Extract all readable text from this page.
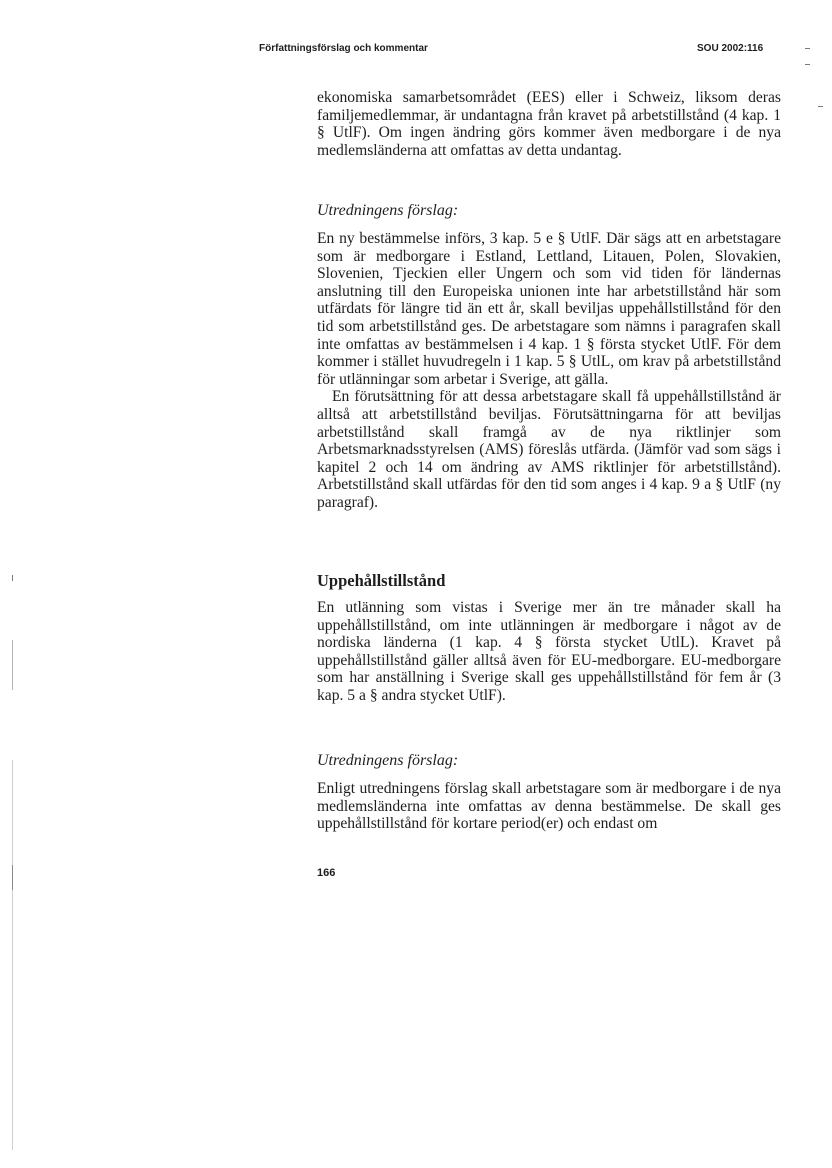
Författningsförslag och kommentar	SOU 2002:116

ekonomiska samarbetsområdet (EES) eller i Schweiz, liksom deras familjemedlemmar, är undantagna från kravet på arbetstillstånd (4 kap. 1 § UtlF). Om ingen ändring görs kommer även medborgare i de nya medlemsländerna att omfattas av detta undantag.

Utredningens förslag:

En ny bestämmelse införs, 3 kap. 5 e § UtlF. Där sägs att en arbetstagare som är medborgare i Estland, Lettland, Litauen, Polen, Slovakien, Slovenien, Tjeckien eller Ungern och som vid tiden för ländernas anslutning till den Europeiska unionen inte har arbetstillstånd här som utfärdats för längre tid än ett år, skall beviljas uppehållstillstånd för den tid som arbetstillstånd ges. De arbetstagare som nämns i paragrafen skall inte omfattas av bestämmelsen i 4 kap. 1 § första stycket UtlF. För dem kommer i stället huvudregeln i 1 kap. 5 § UtlL, om krav på arbetstillstånd för utlänningar som arbetar i Sverige, att gälla.

En förutsättning för att dessa arbetstagare skall få uppehållstillstånd är alltså att arbetstillstånd beviljas. Förutsättningarna för att beviljas arbetstillstånd skall framgå av de nya riktlinjer som Arbetsmarknadsstyrelsen (AMS) föreslås utfärda. (Jämför vad som sägs i kapitel 2 och 14 om ändring av AMS riktlinjer för arbetstillstånd). Arbetstillstånd skall utfärdas för den tid som anges i 4 kap. 9 a § UtlF (ny paragraf).

Uppehållstillstånd

En utlänning som vistas i Sverige mer än tre månader skall ha uppehållstillstånd, om inte utlänningen är medborgare i något av de nordiska länderna (1 kap. 4 § första stycket UtlL). Kravet på uppehållstillstånd gäller alltså även för EU-medborgare. EU-medborgare som har anställning i Sverige skall ges uppehållstillstånd för fem år (3 kap. 5 a § andra stycket UtlF).

Utredningens förslag:

Enligt utredningens förslag skall arbetstagare som är medborgare i de nya medlemsländerna inte omfattas av denna bestämmelse. De skall ges uppehållstillstånd för kortare period(er) och endast om

166
